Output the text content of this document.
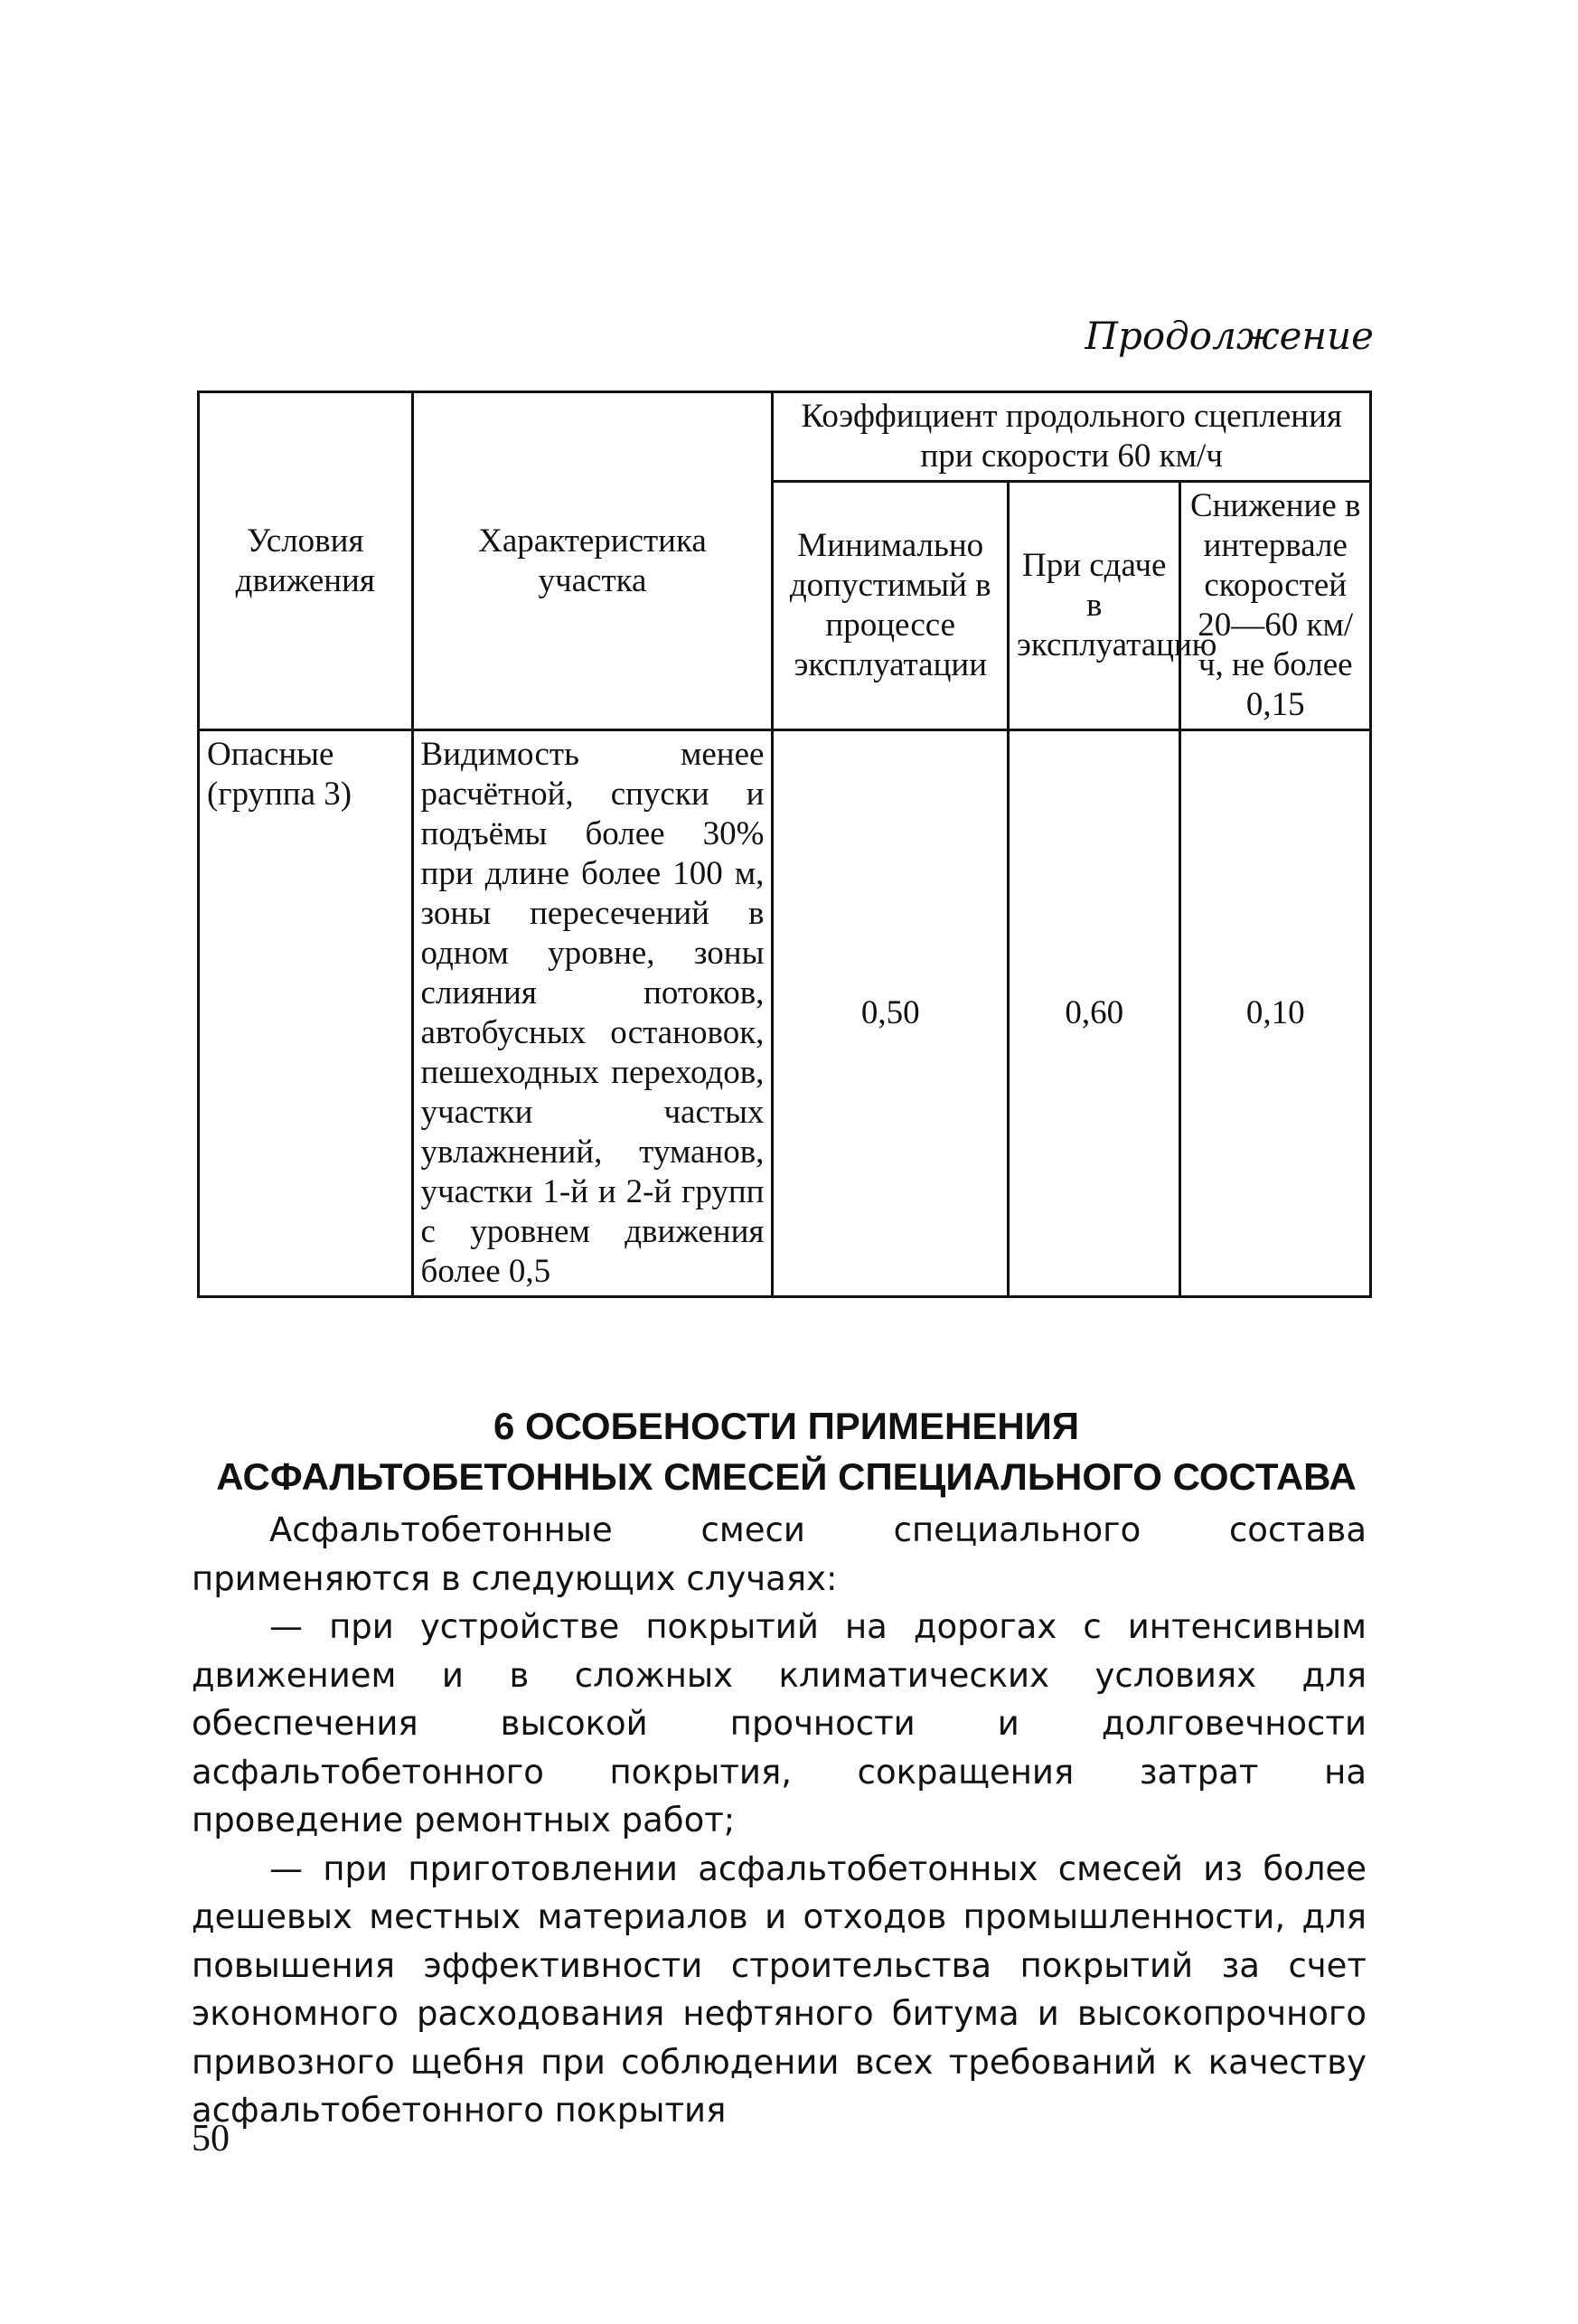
Продолжение
Условия движения	Характеристика участка	Коэффициент продольного сцепления при скорости 60 км/ч		
		Минимально допустимый в процессе эксплуатации	При сдаче в эксплуатацию	Снижение в интервале скоростей 20—60 км/ч, не более 0,15
Опасные (группа 3)	Видимость менее расчётной, спуски и подъёмы более 30% при длине более 100 м, зоны пересечений в одном уровне, зоны слияния потоков, автобусных остановок, пешеходных переходов, участки частых увлажнений, туманов, участки 1-й и 2-й групп с уровнем движения более 0,5	0,50	0,60	0,10
6 ОСОБЕНОСТИ ПРИМЕНЕНИЯ
АСФАЛЬТОБЕТОННЫХ СМЕСЕЙ СПЕЦИАЛЬНОГО СОСТАВА

Асфальтобетонные смеси специального состава применяются в следующих случаях:

— при устройстве покрытий на дорогах с интенсивным движением и в сложных климатических условиях для обеспечения высокой прочности и долговечности асфальтобетонного покрытия, сокращения затрат на проведение ремонтных работ;

— при приготовлении асфальтобетонных смесей из более дешевых местных материалов и отходов промышленности, для повышения эффективности строительства покрытий за счет экономного расходования нефтяного битума и высокопрочного привозного щебня при соблюдении всех требований к качеству асфальтобетонного покрытия

50
